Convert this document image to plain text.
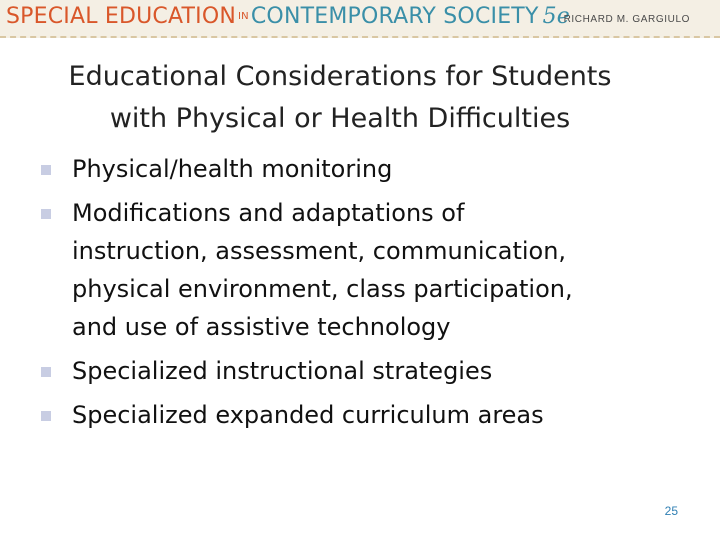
SPECIAL EDUCATION INCONTEMPORARY SOCIETY 5e
RICHARD M. GARGIULO
Educational Considerations for Students
with Physical or Health Difficulties
Physical/health monitoring
Modifications and adaptations of instruction, assessment, communication, physical environment, class participation, and use of assistive technology
Specialized instructional strategies
Specialized expanded curriculum areas
25
